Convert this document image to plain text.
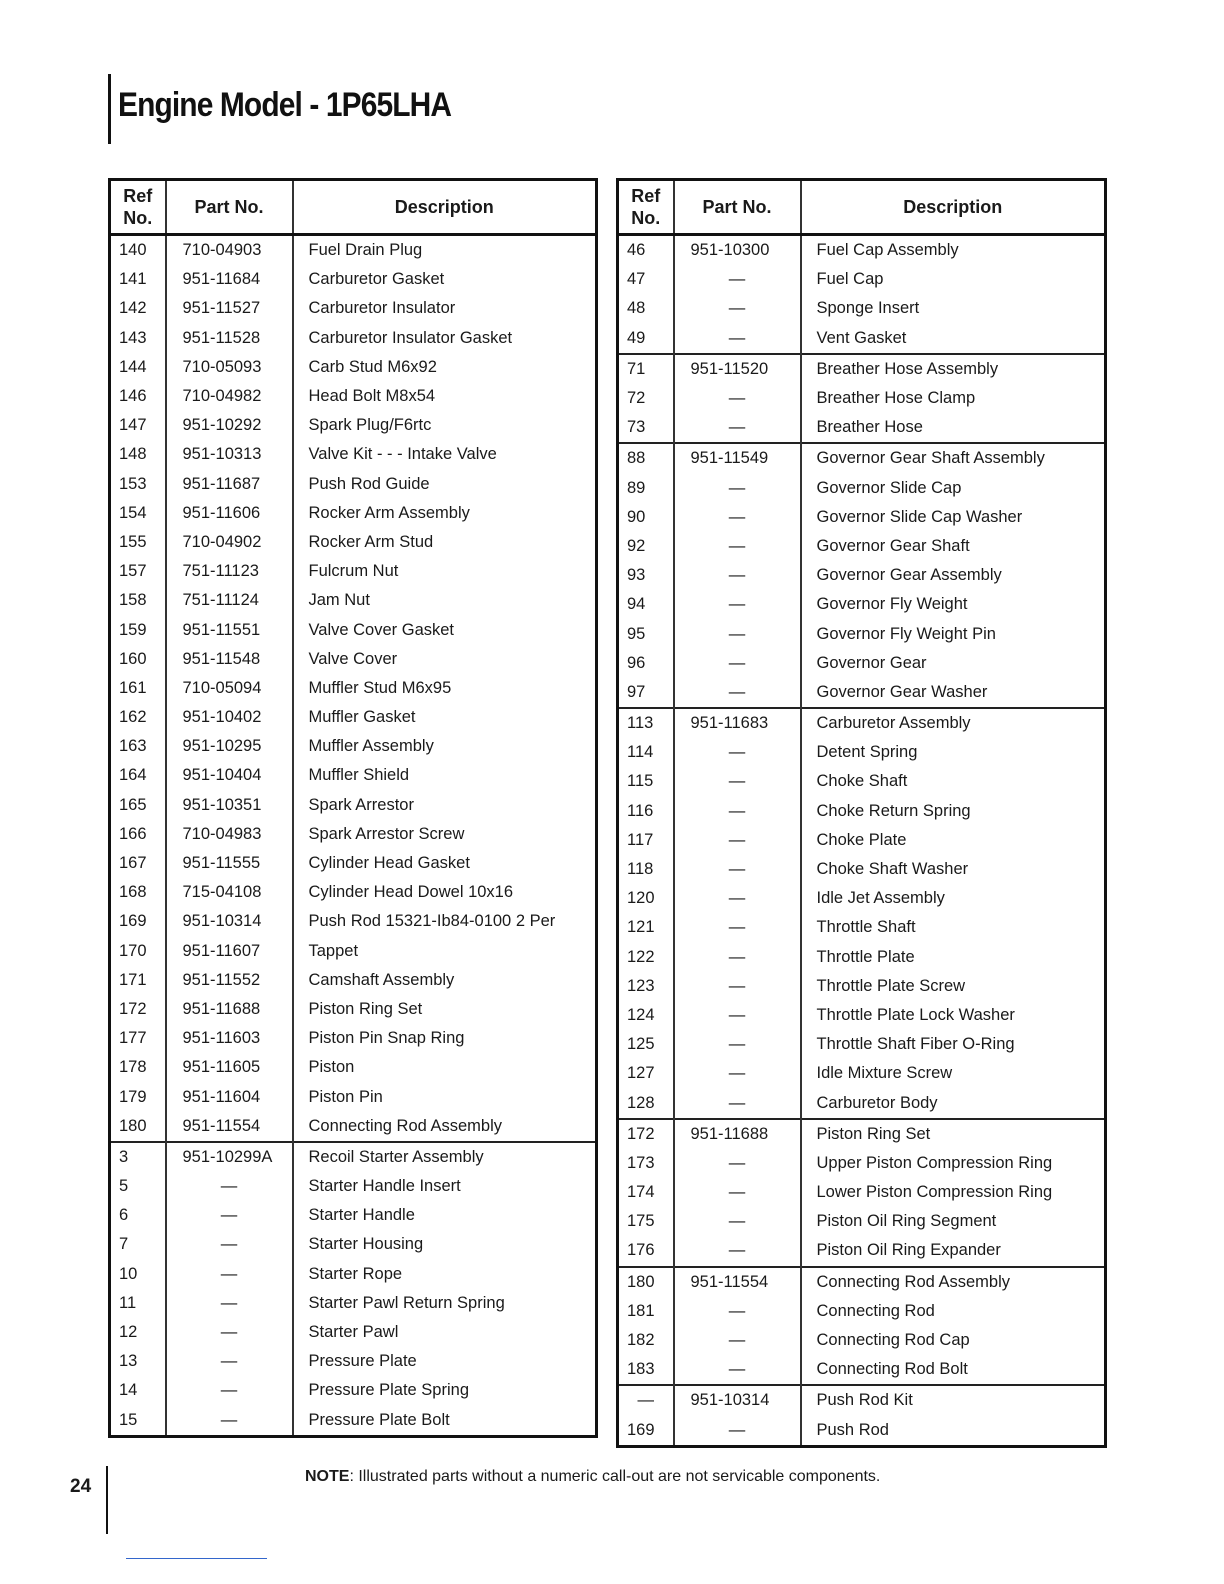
Engine Model - 1P65LHA
Ref
No.	Part No.	Description
140	710-04903	Fuel Drain Plug
141	951-11684	Carburetor Gasket
142	951-11527	Carburetor Insulator
143	951-11528	Carburetor Insulator Gasket
144	710-05093	Carb Stud M6x92
146	710-04982	Head Bolt M8x54
147	951-10292	Spark Plug/F6rtc
148	951-10313	Valve Kit - - - Intake Valve
153	951-11687	Push Rod Guide
154	951-11606	Rocker Arm Assembly
155	710-04902	Rocker Arm Stud
157	751-11123	Fulcrum Nut
158	751-11124	Jam Nut
159	951-11551	Valve Cover Gasket
160	951-11548	Valve Cover
161	710-05094	Muffler Stud M6x95
162	951-10402	Muffler Gasket
163	951-10295	Muffler Assembly
164	951-10404	Muffler Shield
165	951-10351	Spark Arrestor
166	710-04983	Spark Arrestor Screw
167	951-11555	Cylinder Head Gasket
168	715-04108	Cylinder Head Dowel 10x16
169	951-10314	Push Rod 15321-Ib84-0100 2 Per
170	951-11607	Tappet
171	951-11552	Camshaft Assembly
172	951-11688	Piston Ring Set
177	951-11603	Piston Pin Snap Ring
178	951-11605	Piston
179	951-11604	Piston Pin
180	951-11554	Connecting Rod Assembly
3	951-10299A	Recoil Starter Assembly
5	—	Starter Handle Insert
6	—	Starter Handle
7	—	Starter Housing
10	—	Starter Rope
11	—	Starter Pawl Return Spring
12	—	Starter Pawl
13	—	Pressure Plate
14	—	Pressure Plate Spring
15	—	Pressure Plate Bolt
Ref
No.	Part No.	Description
46	951-10300	Fuel Cap Assembly
47	—	Fuel Cap
48	—	Sponge Insert
49	—	Vent Gasket
71	951-11520	Breather Hose Assembly
72	—	Breather Hose Clamp
73	—	Breather Hose
88	951-11549	Governor Gear Shaft Assembly
89	—	Governor Slide Cap
90	—	Governor Slide Cap Washer
92	—	Governor Gear Shaft
93	—	Governor Gear Assembly
94	—	Governor Fly Weight
95	—	Governor Fly Weight Pin
96	—	Governor Gear
97	—	Governor Gear Washer
113	951-11683	Carburetor Assembly
114	—	Detent Spring
115	—	Choke Shaft
116	—	Choke Return Spring
117	—	Choke Plate
118	—	Choke Shaft Washer
120	—	Idle Jet Assembly
121	—	Throttle Shaft
122	—	Throttle Plate
123	—	Throttle Plate Screw
124	—	Throttle Plate Lock Washer
125	—	Throttle Shaft Fiber O-Ring
127	—	Idle Mixture Screw
128	—	Carburetor Body
172	951-11688	Piston Ring Set
173	—	Upper Piston Compression Ring
174	—	Lower Piston Compression Ring
175	—	Piston Oil Ring Segment
176	—	Piston Oil Ring Expander
180	951-11554	Connecting Rod Assembly
181	—	Connecting Rod
182	—	Connecting Rod Cap
183	—	Connecting Rod Bolt
—	951-10314	Push Rod Kit
169	—	Push Rod
24	NOTE: Illustrated parts without a numeric call-out are not servicable components.
